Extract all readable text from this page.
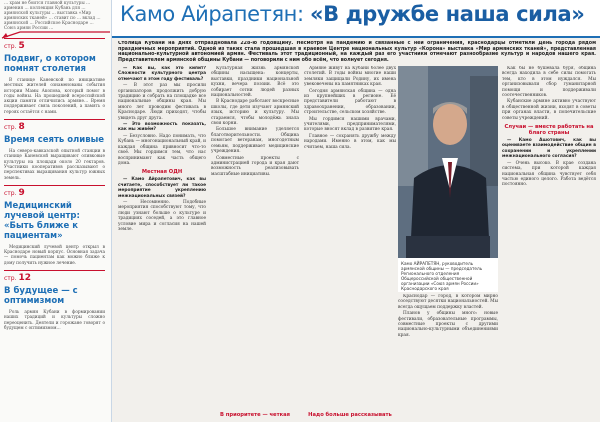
… храм не боится главной культуры … армения … коллекция Кубань для … армянской культуры … выставкa «Мир армянских тканей» … ставит по … вклад … армянской … Российское Краснодаре … Союз армян России …
стр. 5
Подвиг, о котором помнят столетия

В станице Каневской по инициативе местных жителей ознаменованы события истории Мамы Акопова, который помог в годы войны. На прошедшей всероссийской акции памяти отличились армяне… Время поддерживает связь поколений, а память о героях остаётся с нами.

стр. 8
Время сеять оливые

На северо-кавказской опытной станции в станице Каневской выращивают оливковые культуры на площади около 20 гектаров. Участники кооперативов рассказывают о перспективах выращивания культур южных земель.

стр. 9
Медицинский лучевой центр: «Быть ближе к пациентам»

Медицинский лучевой центр открыл в Краснодаре новый корпус. Основная задача — помочь пациентам как можно ближе к дому получить нужное лечение.

стр. 12
В будущее — с оптимизмом

Роль армян Кубани в формировании наших традиций и культуры сложно переоценить. Деятели и горожане говорят о будущем с оптимизмом…

Камо Айрапетян: «В дружбе наша сила»
Столица Кубани на днях отпраздновала 228-ю годовщину. Несмотря на пандемию и связанные с ней ограничения, краснодарцы отметили День города рядом праздничных мероприятий. Одной из таких стала прошедшая в краевом Центре национальных культур «Корона» выставка «Мир армянских тканей», представленная национально-культурной автономией армян. Фестиваль этот традиционный, на каждый раз его участники отмечают разнообразие культур и народов нашего края. Представителем армянской общины Кубани — поговорили с ним обо всём, что волнует сегодня.

— Как вы, как это кипит? Сложности культурного центра отмечают в этом году фестиваль?

— В этот раз мы просили организаторов продолжить добрую традицию и собрать на площадке все национальные общины края. Мы много лет проводим фестиваль в Краснодаре. Люди приходят, чтобы увидеть друг друга.

— Это возможность показать, как мы живём?

— Безусловно. Надо понимать, что Кубань — многонациональный край, и каждая община привносит что-то своё. Мы гордимся тем, что нас воспринимают как часть общего дома.

Местная ОДН

— Камо Айрапетович, как вы считаете, способствует ли такое мероприятие укреплению межнациональных связей?

— Несомненно. Подобные мероприятия способствуют тому, что люди узнают больше о культуре и традициях соседей, а это главное условие мира и согласия на нашей земле.

Культурная жизнь армянской общины насыщена: концерты, выставки, праздники национальной кухни, вечера поэзии. Всё это собирает сотни людей разных национальностей.

В Краснодаре работают воскресные школы, где дети изучают армянский язык, историю и культуру. Мы стараемся, чтобы молодёжь знала свои корни.

Большое внимание уделяется благотворительности. Община помогает ветеранам, многодетным семьям, поддерживает медицинские учреждения.

Совместные проекты с администрацией города и края дают возможность реализовывать масштабные инициативы.

Армяне живут на Кубани более двух столетий. В годы войны многие наши земляки защищали Родину, их имена увековечены на памятниках края.

Сегодня армянская община — одна из крупнейших в регионе. Её представители работают в здравоохранении, образовании, строительстве, сельском хозяйстве.

Мы гордимся нашими врачами, учителями, предпринимателями, которые вносят вклад в развитие края.

Главное — сохранять дружбу между народами. Именно в этом, как мы считаем, наша сила.

Краснодар — город, в котором мирно соседствуют десятки национальностей. Мы всегда ощущаем поддержку властей.

Планов у общины много: новые фестивали, образовательные программы, совместные проекты с другими национально-культурными объединениями края.

Как бы не бушевала буря, община всегда находила в себе силы помогать тем, кто в этом нуждался. Мы организовывали сбор гуманитарной помощи и поддерживали соотечественников.

Кубанские армяне активно участвуют в общественной жизни, входят в советы при органах власти, в попечительские советы учреждений.

Случаи — вместе работать на благо страны

— Камо Ашотович, как вы оцениваете взаимодействие общин в сохранении и укреплении межнационального согласия?

— Очень высоко. В крае создана система, при которой каждая национальная община чувствует себя частью единого целого. Работа ведётся постоянно.

Камо АЙРАПЕТЯН, руководитель армянской общины — председатель Регионального отделения Общероссийской общественной организации «Союз армян России» Краснодарского края
В приоритете — четкая	Надо больше рассказывать
